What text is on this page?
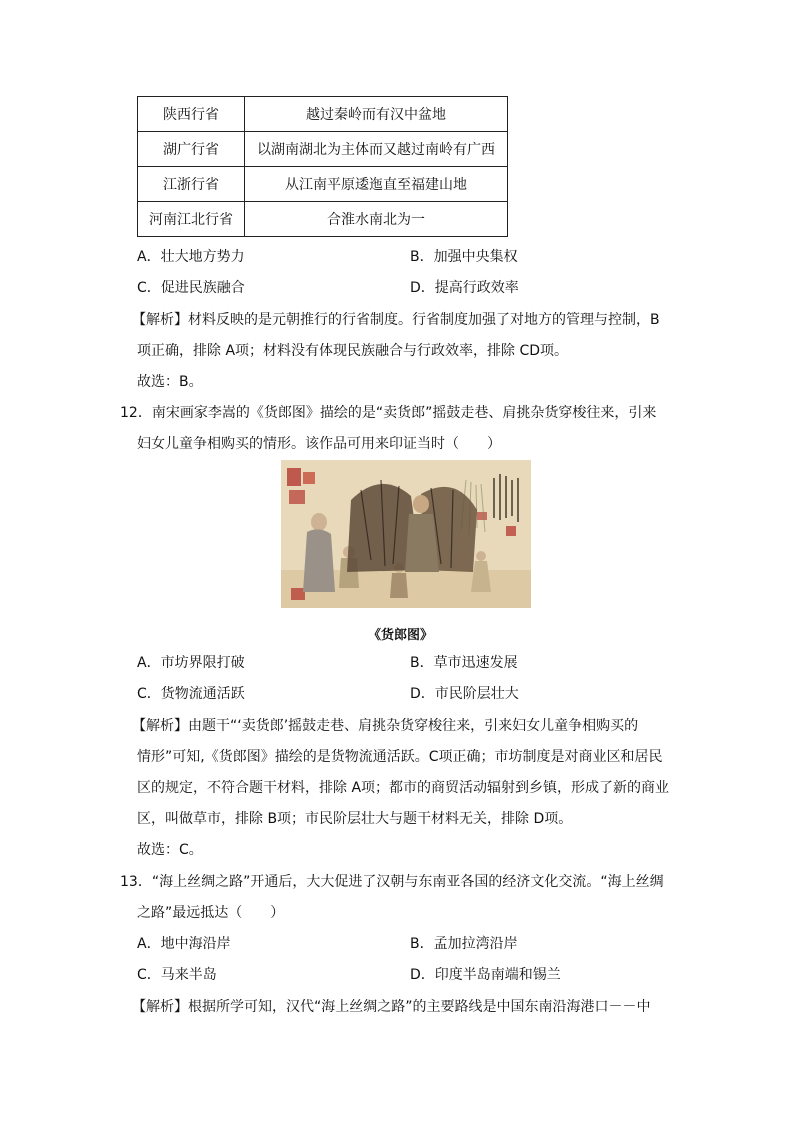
陕西行省	越过秦岭而有汉中盆地
湖广行省	以湖南湖北为主体而又越过南岭有广西
江浙行省	从江南平原逶迤直至福建山地
河南江北行省	合淮水南北为一
A．壮大地方势力	B．加强中央集权
C．促进民族融合	D．提高行政效率
【解析】材料反映的是元朝推行的行省制度。行省制度加强了对地方的管理与控制，B
项正确，排除 A项；材料没有体现民族融合与行政效率，排除 CD项。
故选：B。
12．南宋画家李嵩的《货郎图》描绘的是“卖货郎”摇鼓走巷、肩挑杂货穿梭往来，引来
妇女儿童争相购买的情形。该作品可用来印证当时（　　）
《货郎图》
A．市坊界限打破	B．草市迅速发展
C．货物流通活跃	D．市民阶层壮大
【解析】由题干“‘卖货郎’摇鼓走巷、肩挑杂货穿梭往来，引来妇女儿童争相购买的
情形”可知,《货郎图》描绘的是货物流通活跃。C项正确；市坊制度是对商业区和居民
区的规定，不符合题干材料，排除 A项；都市的商贸活动辐射到乡镇，形成了新的商业
区，叫做草市，排除 B项；市民阶层壮大与题干材料无关，排除 D项。
故选：C。
13．“海上丝绸之路”开通后，大大促进了汉朝与东南亚各国的经济文化交流。“海上丝绸
之路”最远抵达（　　）
A．地中海沿岸	B．孟加拉湾沿岸
C．马来半岛	D．印度半岛南端和锡兰
【解析】根据所学可知，汉代“海上丝绸之路”的主要路线是中国东南沿海港口－－中
